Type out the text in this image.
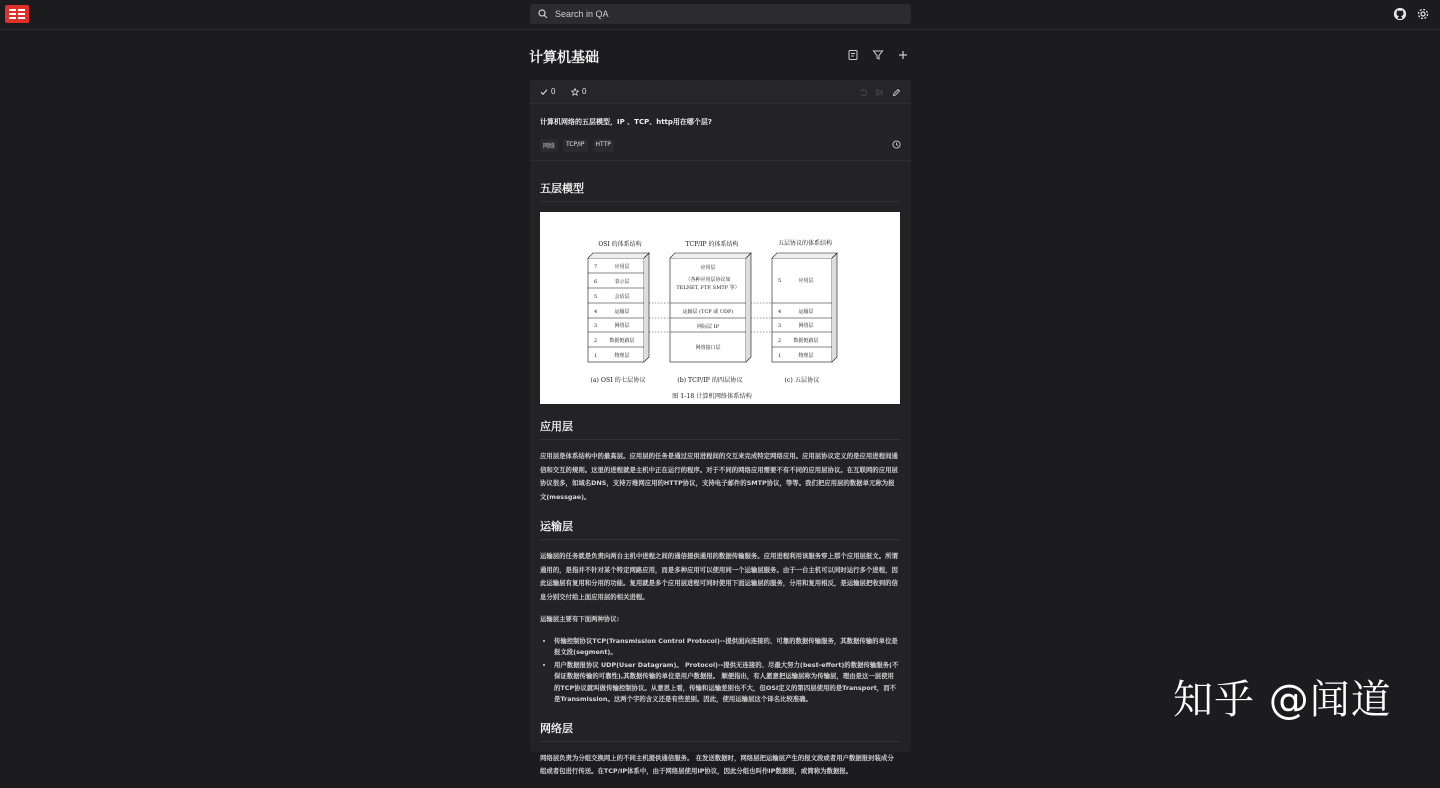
Search in QA
计算机基础
0	0
计算机网络的五层模型，IP 、TCP、http用在哪个层?
网络	TCP/IP	HTTP
五层模型
OSI 的体系结构	TCP/IP 的体系结构	五层协议的体系结构
7	应用层
6	表示层
5	会话层
4	运输层
3	网络层
2 数据链路层
1	物理层
应用层
（各种应用层协议如
TELNET, FTP, SMTP 等）
运输层 (TCP 或 UDP)
网际层 IP
网络接口层
5	应用层
4	运输层
3	网络层
2 数据链路层
1	物理层
(a) OSI 的七层协议	(b) TCP/IP 的四层协议	(c) 五层协议
图 1-18 计算机网络体系结构
应用层
应用层是体系结构中的最高层。应用层的任务是通过应用进程间的交互来完成特定网络应用。应用层协议定义的是应用进程间通信和交互的规则。这里的进程就是主机中正在运行的程序。对于不同的网络应用需要不有不同的应用层协议。在互联网的应用层协议很多，如域名DNS，支持万维网应用的HTTP协议，支持电子邮件的SMTP协议，等等。我们把应用层的数据单元称为报文(messgae)。
运输层
运输层的任务就是负责向两台主机中进程之间的通信提供通用的数据传输服务。应用进程利用该服务穿上那个应用层报文。所谓通用的，是指并不针对某个特定网路应用，而是多种应用可以使用同一个运输层服务。由于一台主机可以同时运行多个进程，因此运输层有复用和分用的功能。复用就是多个应用层进程可同时使用下面运输层的服务，分用和复用相反，是运输层把收到的信息分别交付给上面应用层的相关进程。
运输层主要有下面两种协议:
• 传输控制协议TCP(Transmission Control Protocol)--提供面向连接的、可靠的数据传输服务，其数据传输的单位是报文段(segment)。
• 用户数据报协议 UDP(User Datagram)。 Protocol)--提供无连接的、尽最大努力(best-effort)的数据传输服务(不保证数据传输的可靠性),其数据传输的单位是用户数据报。 顺便指出，有人愿意把运输层称为传输层，理由是这一层使用的TCP协议就叫做传输控制协议。从意思上看，传输和运输差别也不大，但OSI定义的第四层使用的是Transport，而不是Transmission。这两个字的含义还是有些差别。因此，使用运输层这个译名比较准确。
网络层
网络层负责为分组交换网上的不同主机提供通信服务。 在发送数据时，网络层把运输层产生的报文段或者用户数据报封装成分组或者包进行传送。在TCP/IP体系中，由于网络层使用IP协议，因此分组也叫作IP数据报，或简称为数据报。
知乎 @闻道
